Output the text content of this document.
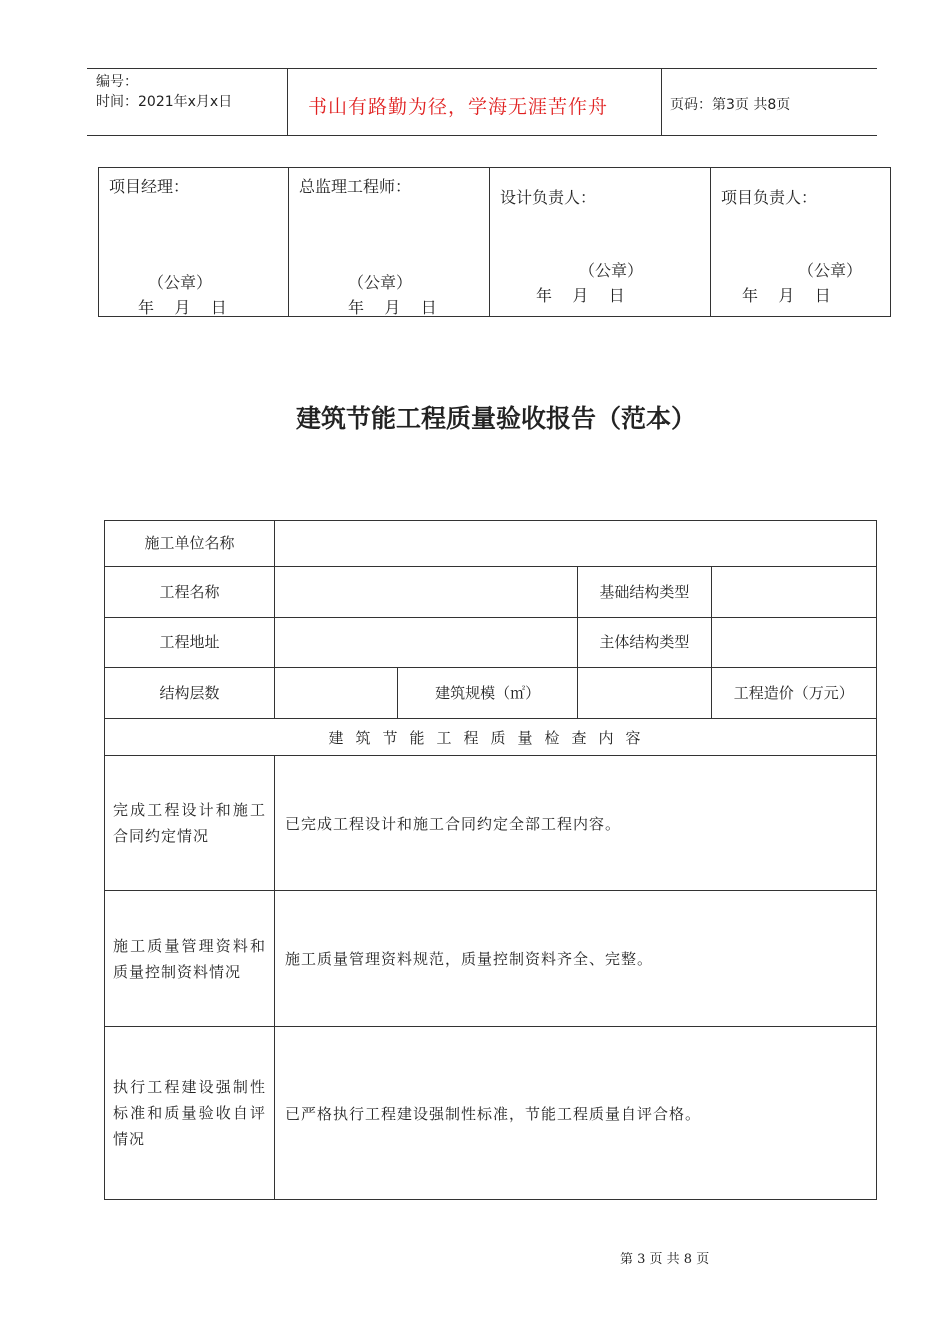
编号：
时间：2021年x月x日	书山有路勤为径，学海无涯苦作舟	页码：第3页 共8页
项目经理：
（公章）
年    月    日
总监理工程师：
（公章）
年    月    日
设计负责人：
（公章）
年    月    日
项目负责人：
（公章）
年    月    日
建筑节能工程质量验收报告（范本）
施工单位名称				
工程名称			基础结构类型	
工程地址			主体结构类型	
结构层数		建筑规模（㎡）		工程造价（万元）
建筑节能工程质量检查内容				
完成工程设计和施工合同约定情况	已完成工程设计和施工合同约定全部工程内容。			
施工质量管理资料和质量控制资料情况	施工质量管理资料规范，质量控制资料齐全、完整。			
执行工程建设强制性标准和质量验收自评情况	已严格执行工程建设强制性标准，节能工程质量自评合格。			
第 3 页 共 8 页
